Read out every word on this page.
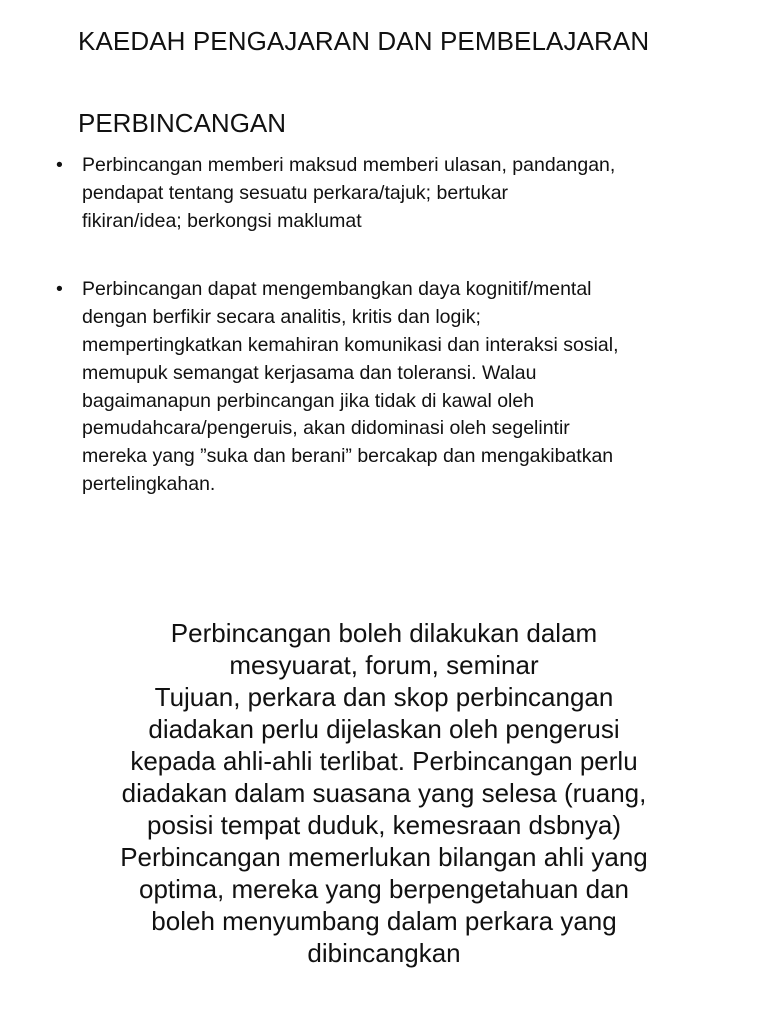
KAEDAH PENGAJARAN DAN PEMBELAJARAN
PERBINCANGAN
• Perbincangan memberi maksud memberi ulasan, pandangan,
pendapat tentang sesuatu perkara/tajuk; bertukar
fikiran/idea; berkongsi maklumat
• Perbincangan dapat mengembangkan daya kognitif/mental
dengan berfikir secara analitis, kritis dan logik;
mempertingkatkan kemahiran komunikasi dan interaksi sosial,
memupuk semangat kerjasama dan toleransi. Walau
bagaimanapun perbincangan jika tidak di kawal oleh
pemudahcara/pengeruis, akan didominasi oleh segelintir
mereka yang ”suka dan berani” bercakap dan mengakibatkan
pertelingkahan.
Perbincangan boleh dilakukan dalam
mesyuarat, forum, seminar
Tujuan, perkara dan skop perbincangan
diadakan perlu dijelaskan oleh pengerusi
kepada ahli-ahli terlibat. Perbincangan perlu
diadakan dalam suasana yang selesa (ruang,
posisi tempat duduk, kemesraan dsbnya)
Perbincangan memerlukan bilangan ahli yang
optima, mereka yang berpengetahuan dan
boleh menyumbang dalam perkara yang
dibincangkan
